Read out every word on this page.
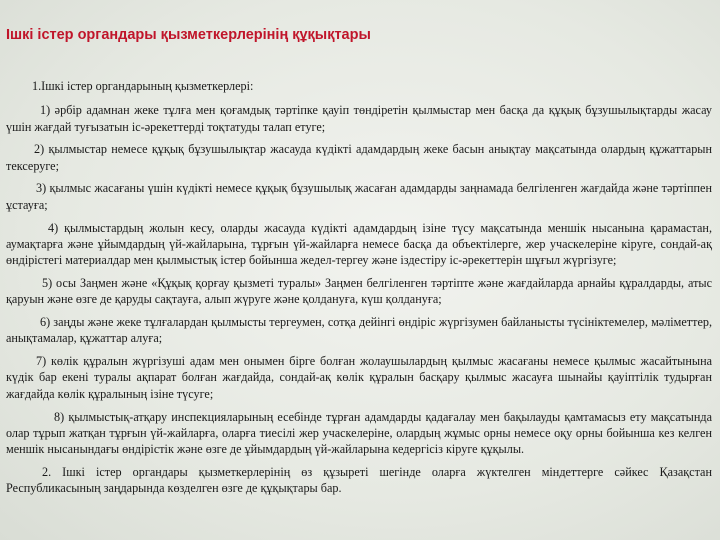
Ішкі істер органдары қызметкерлерінің құқықтары

1.Ішкі істер органдарының қызметкерлері:

1) әрбір адамнан жеке тұлға мен қоғамдық тәртіпке қауіп төндіретін қылмыстар мен басқа да құқық бұзушылықтарды жасау үшін жағдай туғызатын іс-әрекеттерді тоқтатуды талап етуге;

2) қылмыстар немесе құқық бұзушылықтар жасауда күдікті адамдардың жеке басын анықтау мақсатында олардың құжаттарын тексеруге;

3) қылмыс жасағаны үшін күдікті немесе құқық бұзушылық жасаған адамдарды заңнамада белгіленген жағдайда және тәртіппен ұстауға;

4) қылмыстардың жолын кесу, оларды жасауда күдікті адамдардың ізіне түсу мақсатында меншік нысанына қарамастан, аумақтарға және ұйымдардың үй-жайларына, тұрғын үй-жайларға немесе басқа да объектілерге, жер учаскелеріне кіруге, сондай-ақ өндірістегі материалдар мен қылмыстық істер бойынша жедел-тергеу және іздестіру іс-әрекеттерін шұғыл жүргізуге;

5) осы Заңмен және «Құқық қорғау қызметі туралы» Заңмен белгіленген тәртіпте және жағдайларда арнайы құралдарды, атыс қаруын және өзге де қаруды сақтауға, алып жүруге және қолдануға, күш қолдануға;

6) заңды және жеке тұлғалардан қылмысты тергеумен, сотқа дейінгі өндіріс жүргізумен байланысты түсініктемелер, мәліметтер, анықтамалар, құжаттар алуға;

7) көлік құралын жүргізуші адам мен онымен бірге болған жолаушылардың қылмыс жасағаны немесе қылмыс жасайтынына күдік бар екені туралы ақпарат болған жағдайда, сондай-ақ көлік құралын басқару қылмыс жасауға шынайы қауіптілік тудырған жағдайда көлік құралының ізіне түсуге;

8) қылмыстық-атқару инспекцияларының есебінде тұрған адамдарды қадағалау мен бақылауды қамтамасыз ету мақсатында олар тұрып жатқан тұрғын үй-жайларға, оларға тиесілі жер учаскелеріне, олардың жұмыс орны немесе оқу орны бойынша кез келген меншік нысанындағы өндірістік және өзге де ұйымдардың үй-жайларына кедергісіз кіруге құқылы.

2. Ішкі істер органдары қызметкерлерінің өз құзыреті шегінде оларға жүктелген міндеттерге сәйкес Қазақстан Республикасының заңдарында көзделген өзге де құқықтары бар.
